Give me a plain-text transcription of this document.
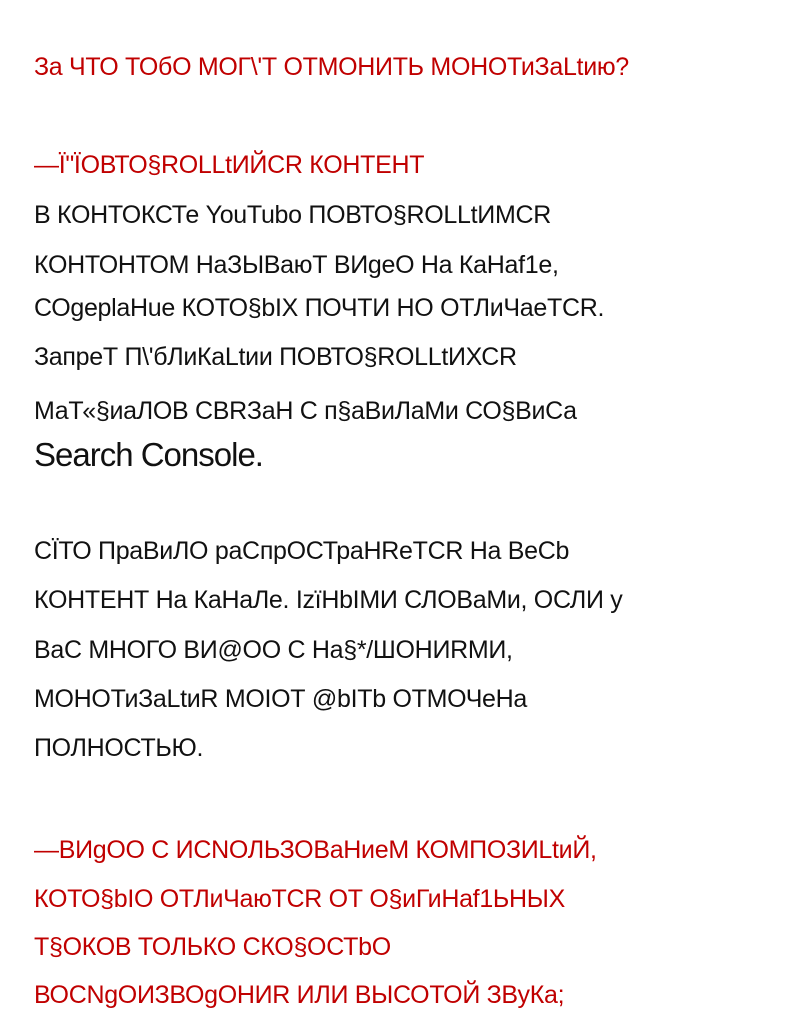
За ЧТО ТОбО МОГ\'Т ОТМОНИТЬ МОНОТиЗаLtию?
—Ї"ЇОВТО§ROLLtИЙСR КОНТЕНТ
В КОНТОКСТе YouTubo ПОВТО§ROLLtИМСR
КОНТОНТОМ НаЗЫВаюТ ВИgеО На КаНаf1е,
СОgeplaHue КОТО§bIX ПОЧТИ НО ОТЛиЧаеТСR.
ЗапреТ П\'бЛиКаLtии ПОВТО§ROLLtИХСR
МаТ«§иаЛОВ СВRЗаН С п§аВиЛаМи СО§ВиСа
Search Console.
СЇТО ПраВиЛО раСпрОСТраНReТСR На ВеСb
КОНТЕНТ На КаНаЛе. IzїНbIМИ СЛОВаМи, ОСЛИ у
ВаС МНОГО ВИ@ОО С На§*/ШОНИRМИ,
МОНОТиЗаLtиR МОIОТ @bITb ОТМОЧеНа
ПОЛНОСТЬЮ.
—ВИgОО С ИСNОЛЬЗОВаНиеМ КОМПОЗИLtиЙ,
КОТО§bIО ОТЛиЧаюТСR ОТ О§иГиНаf1ЬНЫХ
Т§ОКОВ ТОЛЬКО СКО§ОСТbО
ВОСNgОИЗВОgОНИR ИЛИ ВЫСОТОЙ ЗВуКа;
